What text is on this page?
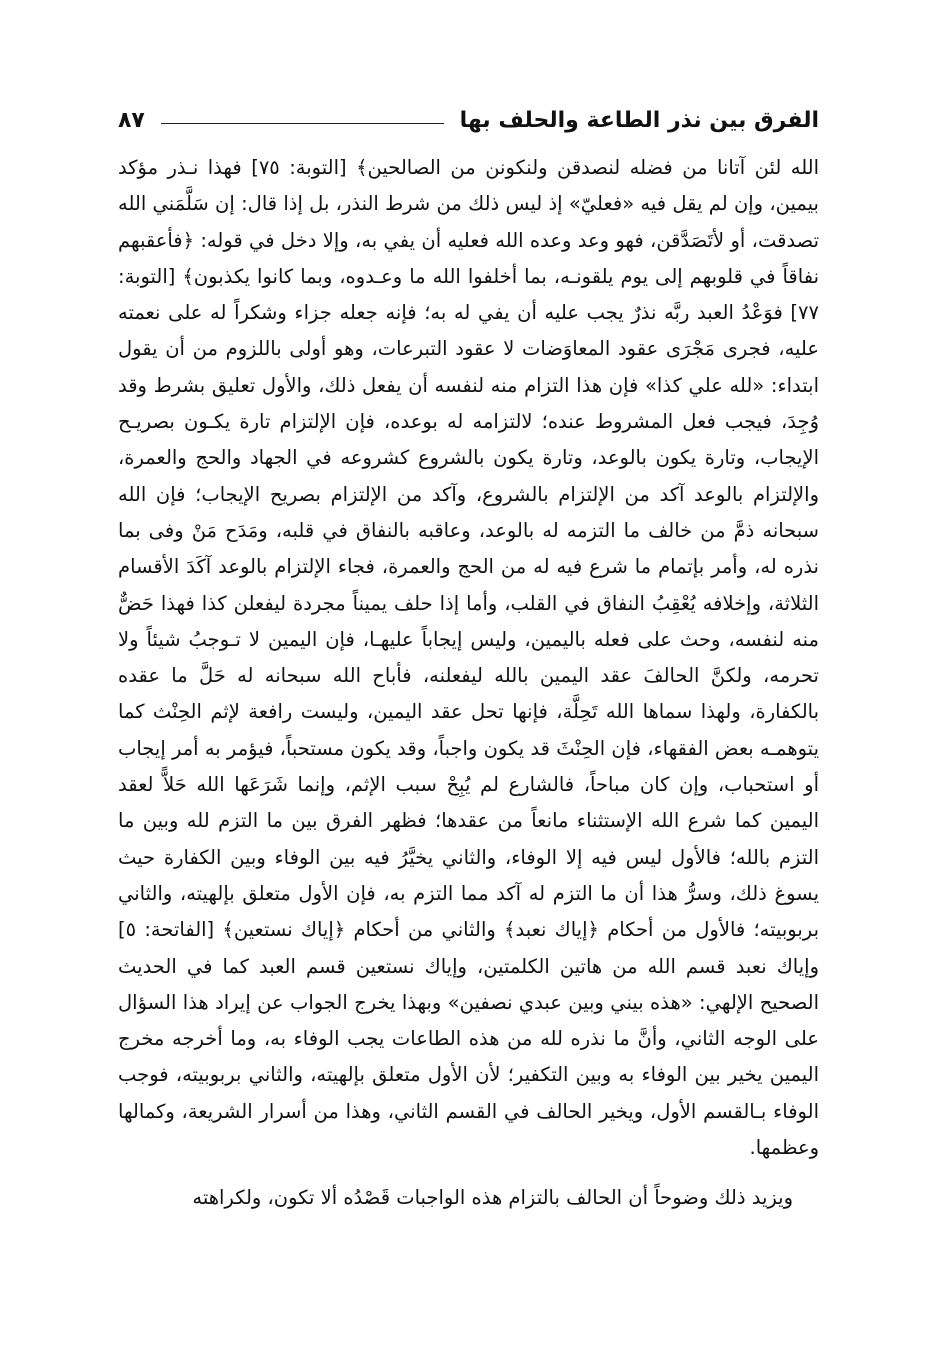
الفرق بين نذر الطاعة والحلف بها
٨٧

الله لئن آتانا من فضله لنصدقن ولنكونن من الصالحين﴾ [التوبة: ٧٥] فهذا نـذر مؤكد بيمين، وإن لم يقل فيه «فعليّ» إذ ليس ذلك من شرط النذر، بل إذا قال: إن سَلَّمَني الله تصدقت، أو لأتَصَدَّقن، فهو وعد وعده الله فعليه أن يفي به، وإلا دخل في قوله: ﴿فأعقبهم نفاقاً في قلوبهم إلى يوم يلقونـه، بما أخلفوا الله ما وعـدوه، وبما كانوا يكذبون﴾ [التوبة: ٧٧] فوَعْدُ العبد ربَّه نذرٌ يجب عليه أن يفي له به؛ فإنه جعله جزاء وشكراً له على نعمته عليه، فجرى مَجْرَى عقود المعاوَضات لا عقود التبرعات، وهو أولى باللزوم من أن يقول ابتداء: «لله علي كذا» فإن هذا التزام منه لنفسه أن يفعل ذلك، والأول تعليق بشرط وقد وُجِدَ، فيجب فعل المشروط عنده؛ لالتزامه له بوعده، فإن الإلتزام تارة يكـون بصريـح الإيجاب، وتارة يكون بالوعد، وتارة يكون بالشروع كشروعه في الجهاد والحج والعمرة، والإلتزام بالوعد آكد من الإلتزام بالشروع، وآكد من الإلتزام بصريح الإيجاب؛ فإن الله سبحانه ذمَّ من خالف ما التزمه له بالوعد، وعاقبه بالنفاق في قلبه، ومَدَح مَنْ وفى بما نذره له، وأمر بإتمام ما شرع فيه له من الحج والعمرة، فجاء الإلتزام بالوعد آكَدَ الأقسام الثلاثة، وإخلافه يُعْقِبُ النفاق في القلب، وأما إذا حلف يميناً مجردة ليفعلن كذا فهذا حَضٌّ منه لنفسه، وحث على فعله باليمين، وليس إيجاباً عليهـا، فإن اليمين لا تـوجبُ شيئاً ولا تحرمه، ولكنَّ الحالفَ عقد اليمين بالله ليفعلنه، فأباح الله سبحانه له حَلَّ ما عقده بالكفارة، ولهذا سماها الله تَحِلَّة، فإنها تحل عقد اليمين، وليست رافعة لإثم الحِنْث كما يتوهمـه بعض الفقهاء، فإن الحِنْثَ قد يكون واجباً، وقد يكون مستحباً، فيؤمر به أمر إيجاب أو استحباب، وإن كان مباحاً، فالشارع لم يُبِحْ سبب الإثم، وإنما شَرَعَها الله حَلاًّ لعقد اليمين كما شرع الله الإستثناء مانعاً من عقدها؛ فظهر الفرق بين ما التزم لله وبين ما التزم بالله؛ فالأول ليس فيه إلا الوفاء، والثاني يخيَّرُ فيه بين الوفاء وبين الكفارة حيث يسوغ ذلك، وسرُّ هذا أن ما التزم له آكد مما التزم به، فإن الأول متعلق بإلهيته، والثاني بربوبيته؛ فالأول من أحكام ﴿إياك نعبد﴾ والثاني من أحكام ﴿إياك نستعين﴾ [الفاتحة: ٥] وإياك نعبد قسم الله من هاتين الكلمتين، وإياك نستعين قسم العبد كما في الحديث الصحيح الإلهي: «هذه بيني وبين عبدي نصفين» وبهذا يخرج الجواب عن إيراد هذا السؤال على الوجه الثاني، وأنَّ ما نذره لله من هذه الطاعات يجب الوفاء به، وما أخرجه مخرج اليمين يخير بين الوفاء به وبين التكفير؛ لأن الأول متعلق بإلهيته، والثاني بربوبيته، فوجب الوفاء بـالقسم الأول، ويخير الحالف في القسم الثاني، وهذا من أسرار الشريعة، وكمالها وعظمها.

ويزيد ذلك وضوحاً أن الحالف بالتزام هذه الواجبات قَصْدُه ألا تكون، ولكراهته
